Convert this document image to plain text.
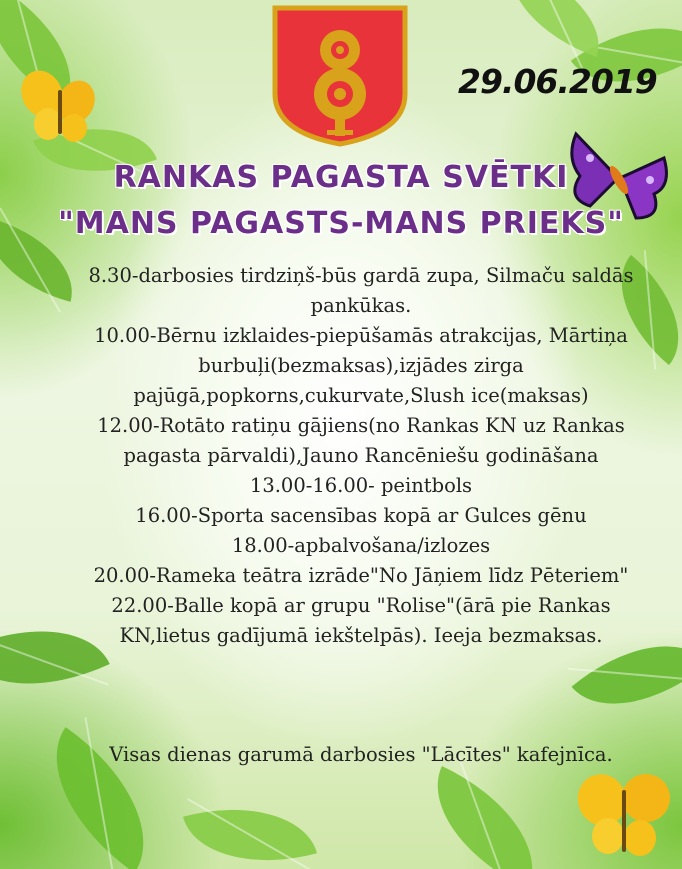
29.06.2019
RANKAS PAGASTA SVĒTKI
"MANS PAGASTS-MANS PRIEKS"
8.30-darbosies tirdziņš-būs gardā zupa, Silmaču saldās pankūkas.
10.00-Bērnu izklaides-piepūšamās atrakcijas, Mārtiņa burbuļi(bezmaksas),izjādes zirga pajūgā,popkorns,cukurvate,Slush ice(maksas)
12.00-Rotāto ratiņu gājiens(no Rankas KN uz Rankas pagasta pārvaldi),Jauno Rancēniešu godināšana
13.00-16.00- peintbols
16.00-Sporta sacensības kopā ar Gulces gēnu
18.00-apbalvošana/izlozes
20.00-Rameka teātra izrāde"No Jāņiem līdz Pēteriem"
22.00-Balle kopā ar grupu "Rolise"(ārā pie Rankas KN,lietus gadījumā iekštelpās). Ieeja bezmaksas.
Visas dienas garumā darbosies "Lācītes" kafejnīca.
